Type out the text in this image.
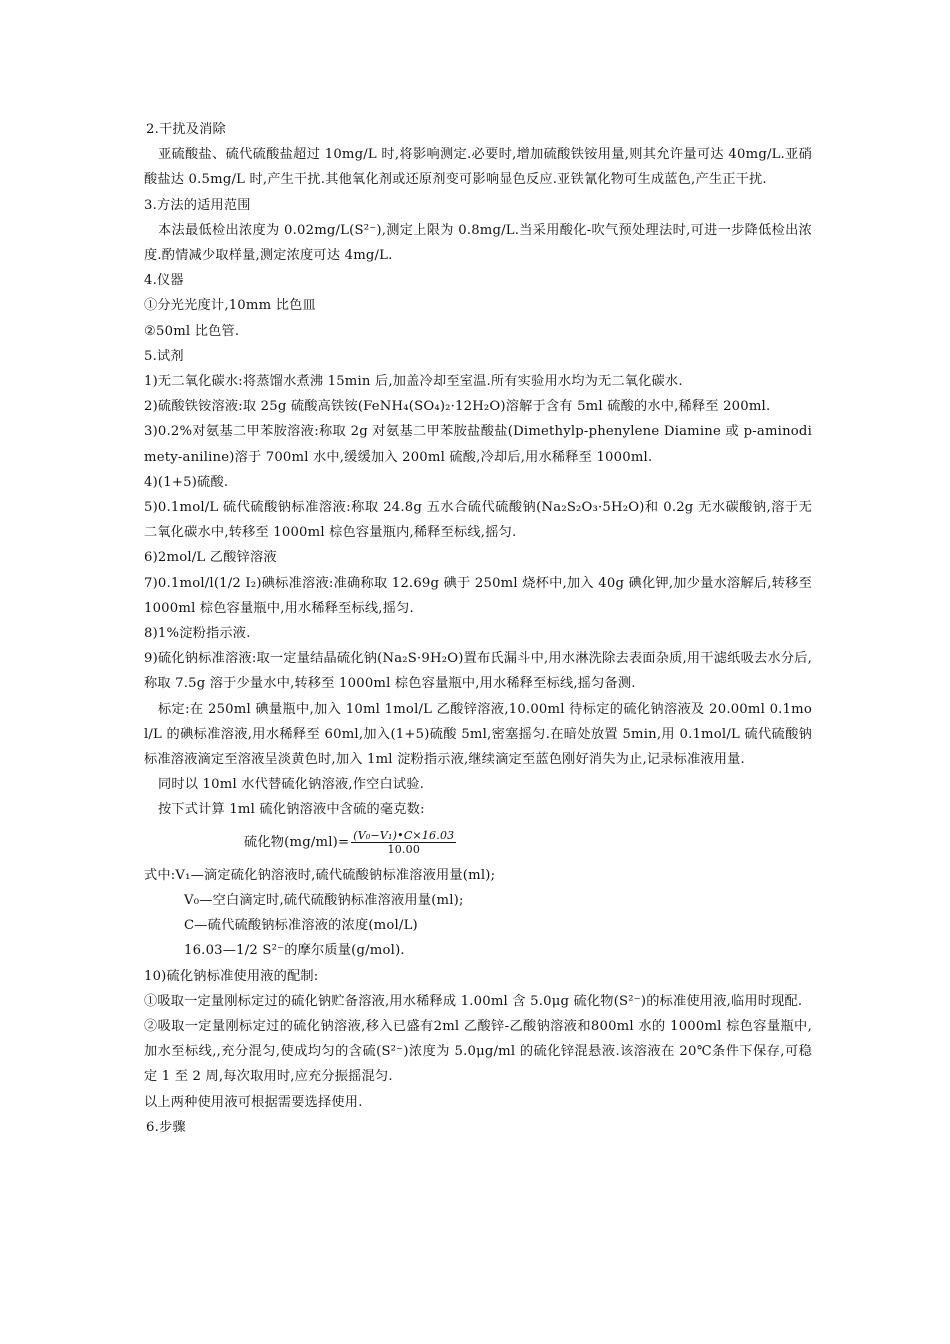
2.干扰及消除

亚硫酸盐、硫代硫酸盐超过 10mg/L 时,将影响测定.必要时,增加硫酸铁铵用量,则其允许量可达 40mg/L.亚硝酸盐达 0.5mg/L 时,产生干扰.其他氧化剂或还原剂变可影响显色反应.亚铁氰化物可生成蓝色,产生正干扰.

3.方法的适用范围

本法最低检出浓度为 0.02mg/L(S²⁻),测定上限为 0.8mg/L.当采用酸化-吹气预处理法时,可进一步降低检出浓度.酌情减少取样量,测定浓度可达 4mg/L.

4.仪器

①分光光度计,10mm 比色皿

②50ml 比色管.

5.试剂

1)无二氧化碳水:将蒸馏水煮沸 15min 后,加盖冷却至室温.所有实验用水均为无二氧化碳水.

2)硫酸铁铵溶液:取 25g 硫酸高铁铵(FeNH₄(SO₄)₂·12H₂O)溶解于含有 5ml 硫酸的水中,稀释至 200ml.

3)0.2%对氨基二甲苯胺溶液:称取 2g 对氨基二甲苯胺盐酸盐(Dimethylp-phenylene Diamine 或 p-aminodimety-aniline)溶于 700ml 水中,缓缓加入 200ml 硫酸,冷却后,用水稀释至 1000ml.

4)(1+5)硫酸.

5)0.1mol/L 硫代硫酸钠标准溶液:称取 24.8g 五水合硫代硫酸钠(Na₂S₂O₃·5H₂O)和 0.2g 无水碳酸钠,溶于无二氧化碳水中,转移至 1000ml 棕色容量瓶内,稀释至标线,摇匀.

6)2mol/L 乙酸锌溶液

7)0.1mol/l(1/2 I₂)碘标准溶液:准确称取 12.69g 碘于 250ml 烧杯中,加入 40g 碘化钾,加少量水溶解后,转移至 1000ml 棕色容量瓶中,用水稀释至标线,摇匀.

8)1%淀粉指示液.

9)硫化钠标准溶液:取一定量结晶硫化钠(Na₂S·9H₂O)置布氏漏斗中,用水淋洗除去表面杂质,用干滤纸吸去水分后,称取 7.5g 溶于少量水中,转移至 1000ml 棕色容量瓶中,用水稀释至标线,摇匀备测.

标定:在 250ml 碘量瓶中,加入 10ml 1mol/L 乙酸锌溶液,10.00ml 待标定的硫化钠溶液及 20.00ml 0.1mol/L 的碘标准溶液,用水稀释至 60ml,加入(1+5)硫酸 5ml,密塞摇匀.在暗处放置 5min,用 0.1mol/L 硫代硫酸钠标准溶液滴定至溶液呈淡黄色时,加入 1ml 淀粉指示液,继续滴定至蓝色刚好消失为止,记录标准液用量.

同时以 10ml 水代替硫化钠溶液,作空白试验.

按下式计算 1ml 硫化钠溶液中含硫的毫克数:

硫化物$(mg/ml)= \frac{\text{(V₀−V₁)•C×16.03}}{10.00}$

式中:V₁—滴定硫化钠溶液时,硫代硫酸钠标准溶液用量(ml);

V₀—空白滴定时,硫代硫酸钠标准溶液用量(ml);

C—硫代硫酸钠标准溶液的浓度(mol/L)

16.03—1/2 S²⁻的摩尔质量(g/mol).

10)硫化钠标准使用液的配制:

①吸取一定量刚标定过的硫化钠贮备溶液,用水稀释成 1.00ml 含 5.0μg 硫化物(S²⁻)的标准使用液,临用时现配.

②吸取一定量刚标定过的硫化钠溶液,移入已盛有2ml 乙酸锌-乙酸钠溶液和800ml 水的 1000ml 棕色容量瓶中,加水至标线,,充分混匀,使成均匀的含硫(S²⁻)浓度为 5.0μg/ml 的硫化锌混悬液.该溶液在 20℃条件下保存,可稳定 1 至 2 周,每次取用时,应充分振摇混匀.

以上两种使用液可根据需要选择使用.

6.步骤
